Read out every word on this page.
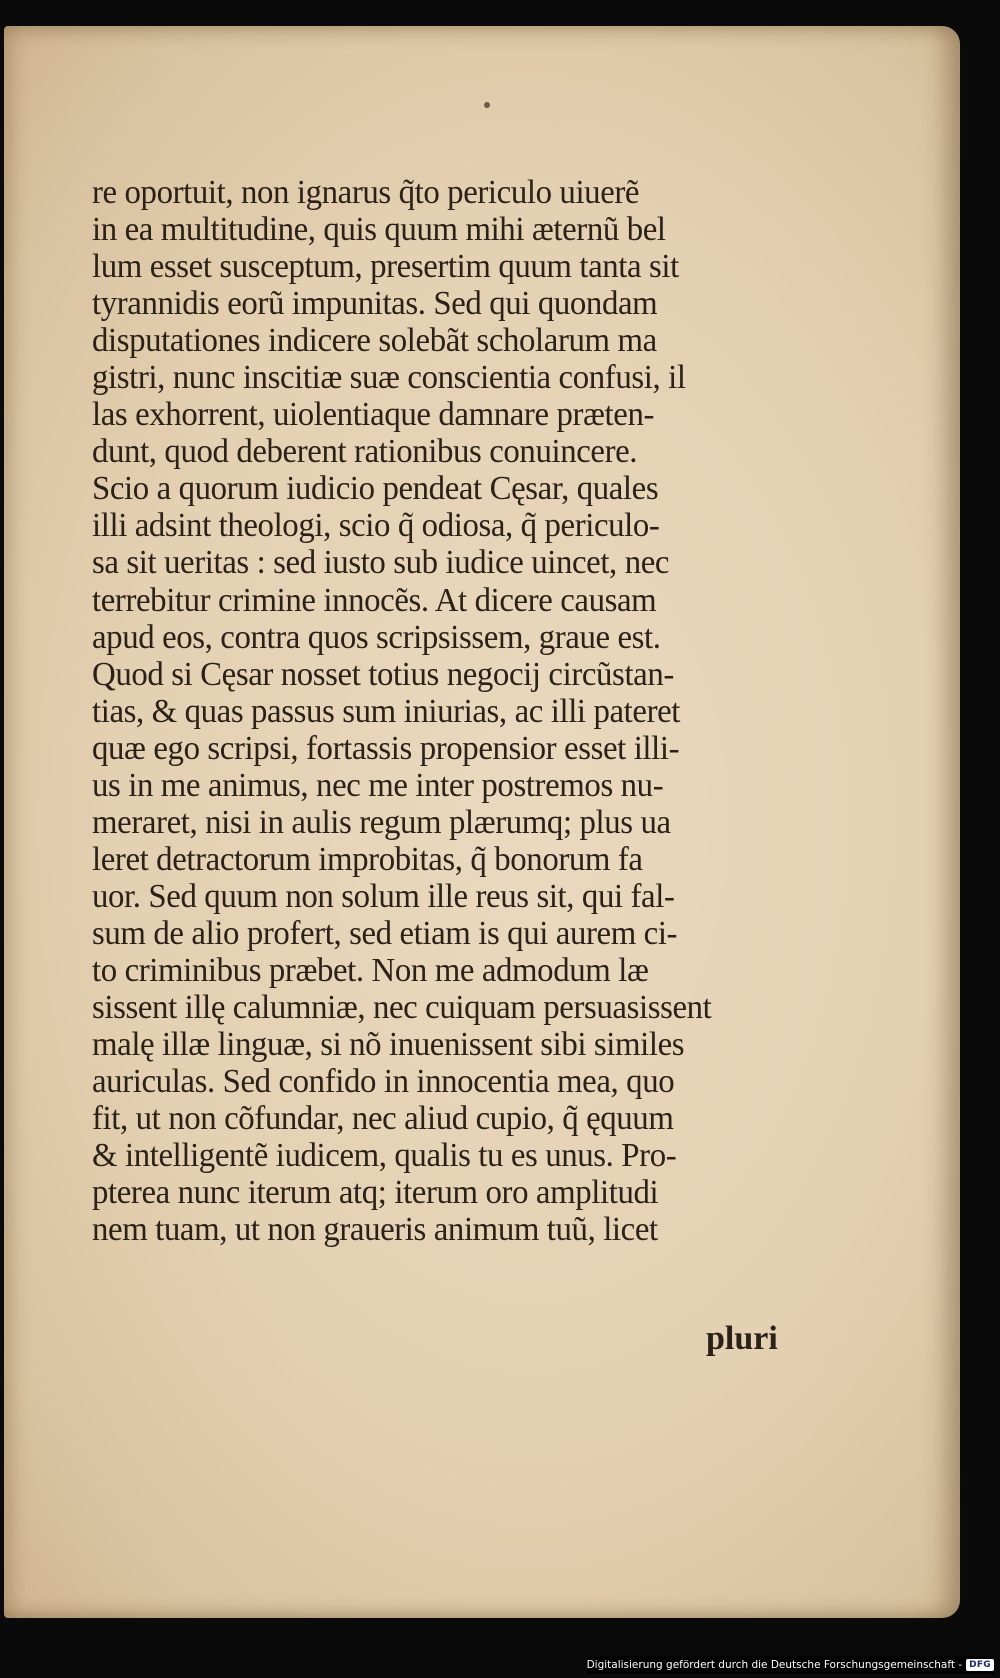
re oportuit, non ignarus q̃to periculo uiuerẽ
in ea multitudine, quis quum mihi æternũ bel
lum esset susceptum, presertim quum tanta sit
tyrannidis eorũ impunitas. Sed qui quondam
disputationes indicere solebãt scholarum ma
gistri, nunc inscitiæ suæ conscientia confusi, il
las exhorrent, uiolentiaque damnare præten-
dunt, quod deberent rationibus conuincere.
Scio a quorum iudicio pendeat Cęsar, quales
illi adsint theologi, scio q̃ odiosa, q̃ periculo-
sa sit ueritas : sed iusto sub iudice uincet, nec
terrebitur crimine innocẽs. At dicere causam
apud eos, contra quos scripsissem, graue est.
Quod si Cęsar nosset totius negocij circũstan-
tias, & quas passus sum iniurias, ac illi pateret
quæ ego scripsi, fortassis propensior esset illi-
us in me animus, nec me inter postremos nu-
meraret, nisi in aulis regum plærumq; plus ua
leret detractorum improbitas, q̃ bonorum fa
uor. Sed quum non solum ille reus sit, qui fal-
sum de alio profert, sed etiam is qui aurem ci-
to criminibus præbet. Non me admodum læ
sissent illę calumniæ, nec cuiquam persuasissent
malę illæ linguæ, si nõ inuenissent sibi similes
auriculas. Sed confido in innocentia mea, quo
fit, ut non cõfundar, nec aliud cupio, q̃ ęquum
& intelligentẽ iudicem, qualis tu es unus. Pro-
pterea nunc iterum atq; iterum oro amplitudi
nem tuam, ut non graueris animum tuũ, licet
pluri
Digitalisierung gefördert durch die Deutsche Forschungsgemeinschaft - DFG
